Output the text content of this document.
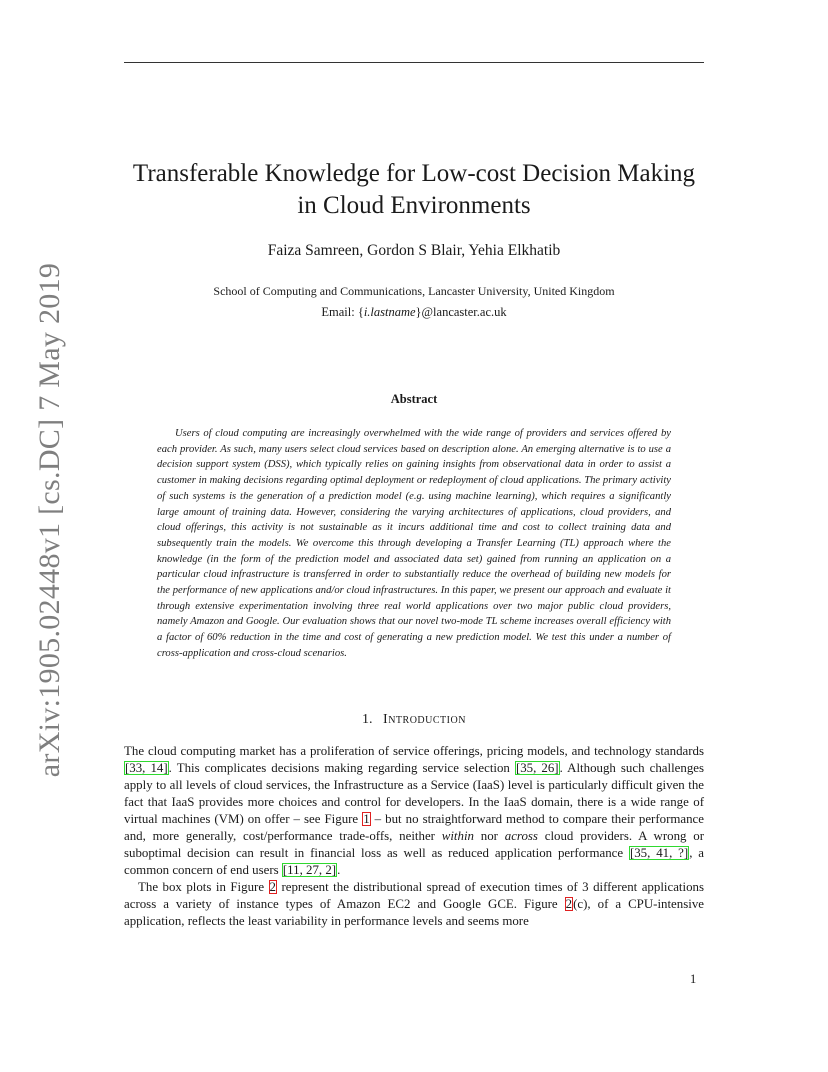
arXiv:1905.02448v1 [cs.DC] 7 May 2019
Transferable Knowledge for Low-cost Decision Making
in Cloud Environments
Faiza Samreen, Gordon S Blair, Yehia Elkhatib
School of Computing and Communications, Lancaster University, United Kingdom
Email: {i.lastname}@lancaster.ac.uk
Abstract
Users of cloud computing are increasingly overwhelmed with the wide range of providers and services offered by each provider. As such, many users select cloud services based on description alone. An emerging alternative is to use a decision support system (DSS), which typically relies on gaining insights from observational data in order to assist a customer in making decisions regarding optimal deployment or redeployment of cloud applications. The primary activity of such systems is the generation of a prediction model (e.g. using machine learning), which requires a significantly large amount of training data. However, considering the varying architectures of applications, cloud providers, and cloud offerings, this activity is not sustainable as it incurs additional time and cost to collect training data and subsequently train the models. We overcome this through developing a Transfer Learning (TL) approach where the knowledge (in the form of the prediction model and associated data set) gained from running an application on a particular cloud infrastructure is transferred in order to substantially reduce the overhead of building new models for the performance of new applications and/or cloud infrastructures. In this paper, we present our approach and evaluate it through extensive experimentation involving three real world applications over two major public cloud providers, namely Amazon and Google. Our evaluation shows that our novel two-mode TL scheme increases overall efficiency with a factor of 60% reduction in the time and cost of generating a new prediction model. We test this under a number of cross-application and cross-cloud scenarios.
1. Introduction

The cloud computing market has a proliferation of service offerings, pricing models, and technology standards [33, 14]. This complicates decisions making regarding service selection [35, 26]. Although such challenges apply to all levels of cloud services, the Infrastructure as a Service (IaaS) level is particularly difficult given the fact that IaaS provides more choices and control for developers. In the IaaS domain, there is a wide range of virtual machines (VM) on offer – see Figure 1 – but no straightforward method to compare their performance and, more generally, cost/performance trade-offs, neither within nor across cloud providers. A wrong or suboptimal decision can result in financial loss as well as reduced application performance [35, 41, ?], a common concern of end users [11, 27, 2].

The box plots in Figure 2 represent the distributional spread of execution times of 3 different applications across a variety of instance types of Amazon EC2 and Google GCE. Figure 2(c), of a CPU-intensive application, reflects the least variability in performance levels and seems more

1
